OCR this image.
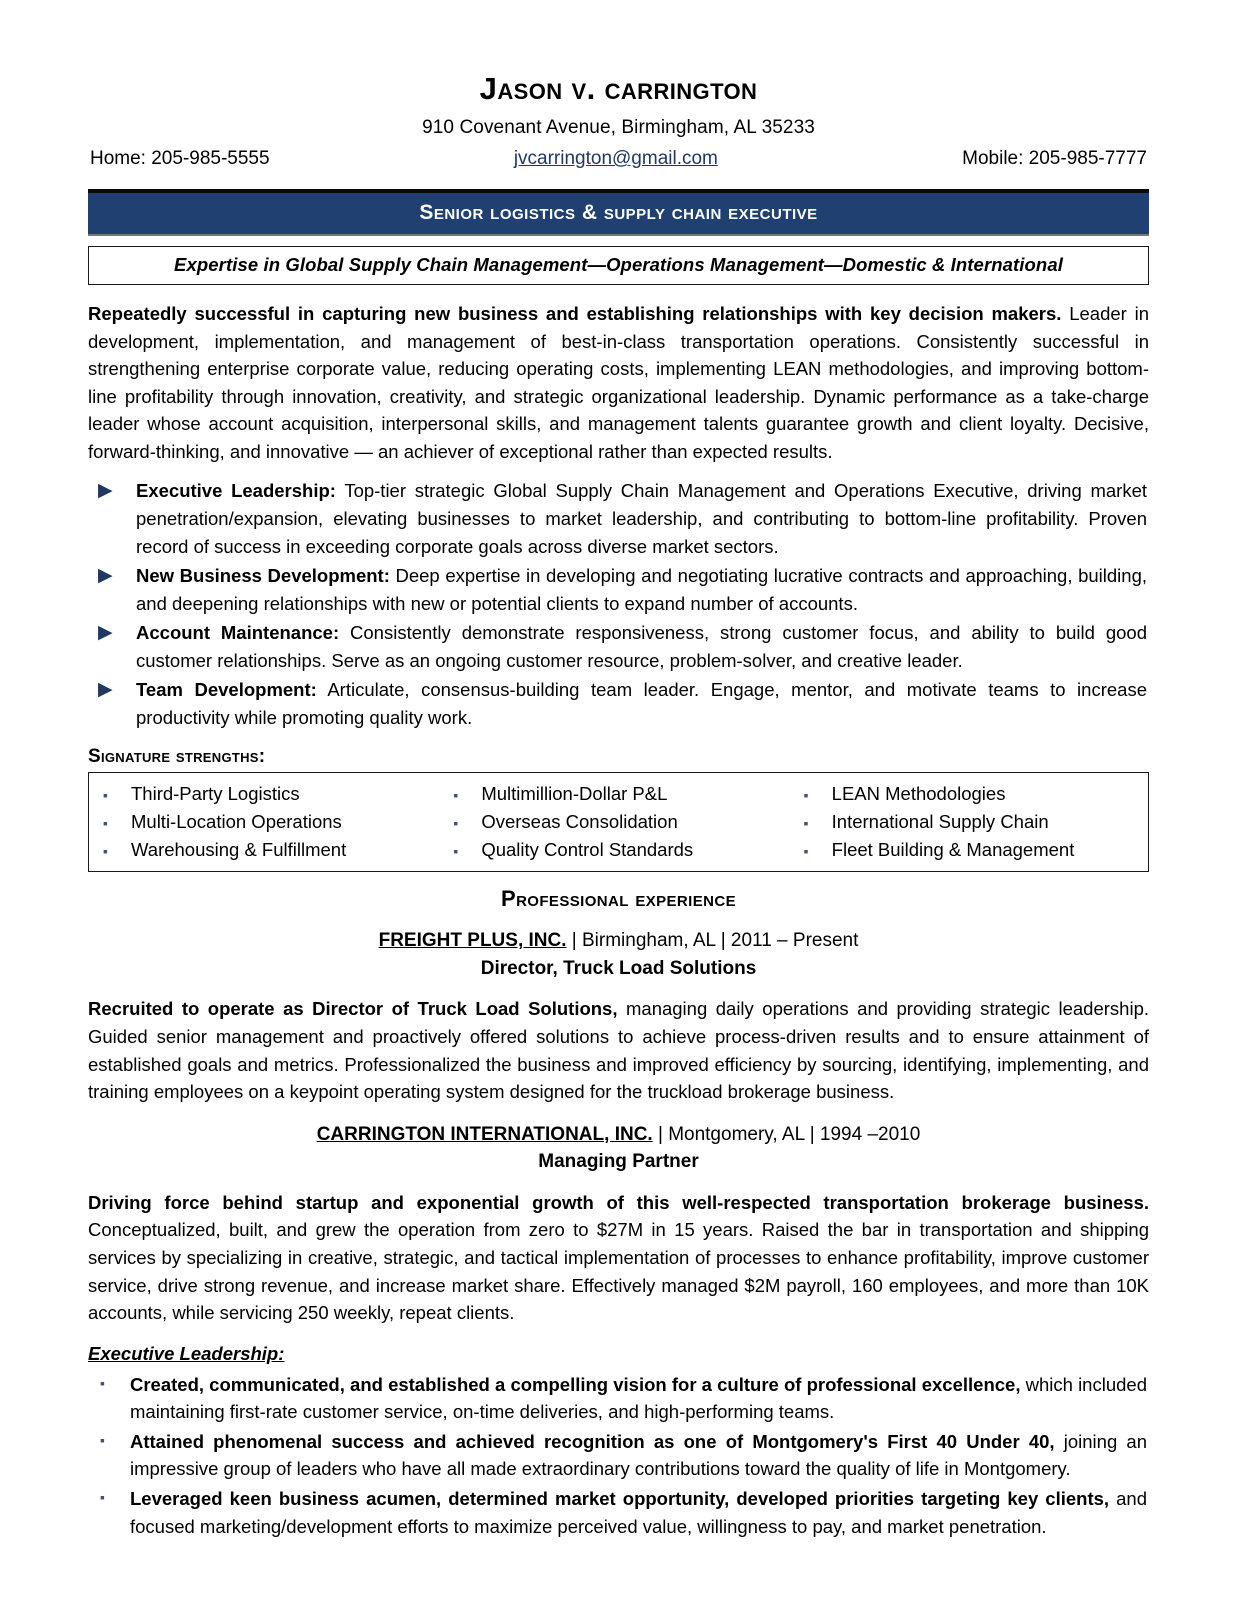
Jason v. carrington
910 Covenant Avenue, Birmingham, AL 35233
Home: 205-985-5555	jvcarrington@gmail.com	Mobile: 205-985-7777
Senior logistics & supply chain executive
Expertise in Global Supply Chain Management—Operations Management—Domestic & International
Repeatedly successful in capturing new business and establishing relationships with key decision makers. Leader in development, implementation, and management of best-in-class transportation operations. Consistently successful in strengthening enterprise corporate value, reducing operating costs, implementing LEAN methodologies, and improving bottom-line profitability through innovation, creativity, and strategic organizational leadership. Dynamic performance as a take-charge leader whose account acquisition, interpersonal skills, and management talents guarantee growth and client loyalty. Decisive, forward-thinking, and innovative — an achiever of exceptional rather than expected results.
▶	Executive Leadership: Top-tier strategic Global Supply Chain Management and Operations Executive, driving market penetration/expansion, elevating businesses to market leadership, and contributing to bottom-line profitability. Proven record of success in exceeding corporate goals across diverse market sectors.
▶	New Business Development: Deep expertise in developing and negotiating lucrative contracts and approaching, building, and deepening relationships with new or potential clients to expand number of accounts.
▶	Account Maintenance: Consistently demonstrate responsiveness, strong customer focus, and ability to build good customer relationships. Serve as an ongoing customer resource, problem-solver, and creative leader.
▶	Team Development: Articulate, consensus-building team leader. Engage, mentor, and motivate teams to increase productivity while promoting quality work.
Signature strengths:
▪	Third-Party Logistics	▪	Multimillion-Dollar P&L	▪	LEAN Methodologies
▪	Multi-Location Operations	▪	Overseas Consolidation	▪	International Supply Chain
▪	Warehousing & Fulfillment	▪	Quality Control Standards	▪	Fleet Building & Management
Professional experience
FREIGHT PLUS, INC. | Birmingham, AL | 2011 – Present
Director, Truck Load Solutions
Recruited to operate as Director of Truck Load Solutions, managing daily operations and providing strategic leadership. Guided senior management and proactively offered solutions to achieve process-driven results and to ensure attainment of established goals and metrics. Professionalized the business and improved efficiency by sourcing, identifying, implementing, and training employees on a keypoint operating system designed for the truckload brokerage business.
CARRINGTON INTERNATIONAL, INC. | Montgomery, AL | 1994 –2010
Managing Partner
Driving force behind startup and exponential growth of this well-respected transportation brokerage business. Conceptualized, built, and grew the operation from zero to $27M in 15 years. Raised the bar in transportation and shipping services by specializing in creative, strategic, and tactical implementation of processes to enhance profitability, improve customer service, drive strong revenue, and increase market share. Effectively managed $2M payroll, 160 employees, and more than 10K accounts, while servicing 250 weekly, repeat clients.
Executive Leadership:
▪	Created, communicated, and established a compelling vision for a culture of professional excellence, which included maintaining first-rate customer service, on-time deliveries, and high-performing teams.
▪	Attained phenomenal success and achieved recognition as one of Montgomery's First 40 Under 40, joining an impressive group of leaders who have all made extraordinary contributions toward the quality of life in Montgomery.
▪	Leveraged keen business acumen, determined market opportunity, developed priorities targeting key clients, and focused marketing/development efforts to maximize perceived value, willingness to pay, and market penetration.
